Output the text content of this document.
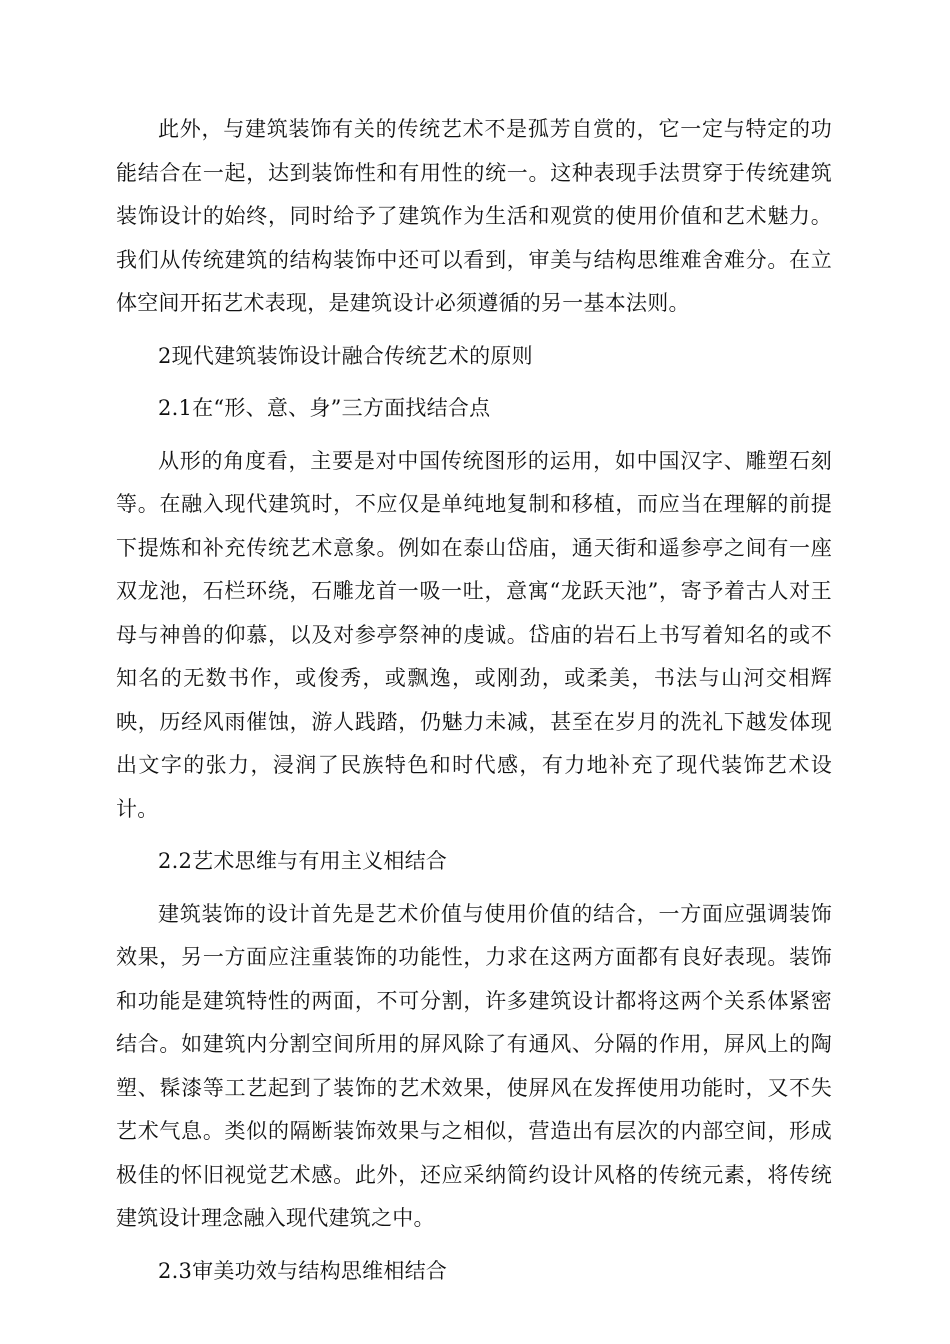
此外，与建筑装饰有关的传统艺术不是孤芳自赏的，它一定与特定的功能结合在一起，达到装饰性和有用性的统一。这种表现手法贯穿于传统建筑装饰设计的始终，同时给予了建筑作为生活和观赏的使用价值和艺术魅力。我们从传统建筑的结构装饰中还可以看到，审美与结构思维难舍难分。在立体空间开拓艺术表现，是建筑设计必须遵循的另一基本法则。

2现代建筑装饰设计融合传统艺术的原则

2.1在“形、意、身”三方面找结合点

从形的角度看，主要是对中国传统图形的运用，如中国汉字、雕塑石刻等。在融入现代建筑时，不应仅是单纯地复制和移植，而应当在理解的前提下提炼和补充传统艺术意象。例如在泰山岱庙，通天街和遥参亭之间有一座双龙池，石栏环绕，石雕龙首一吸一吐，意寓“龙跃天池”，寄予着古人对王母与神兽的仰慕，以及对参亭祭神的虔诚。岱庙的岩石上书写着知名的或不知名的无数书作，或俊秀，或飘逸，或刚劲，或柔美，书法与山河交相辉映，历经风雨催蚀，游人践踏，仍魅力未减，甚至在岁月的洗礼下越发体现出文字的张力，浸润了民族特色和时代感，有力地补充了现代装饰艺术设计。

2.2艺术思维与有用主义相结合

建筑装饰的设计首先是艺术价值与使用价值的结合，一方面应强调装饰效果，另一方面应注重装饰的功能性，力求在这两方面都有良好表现。装饰和功能是建筑特性的两面，不可分割，许多建筑设计都将这两个关系体紧密结合。如建筑内分割空间所用的屏风除了有通风、分隔的作用，屏风上的陶塑、髹漆等工艺起到了装饰的艺术效果，使屏风在发挥使用功能时，又不失艺术气息。类似的隔断装饰效果与之相似，营造出有层次的内部空间，形成极佳的怀旧视觉艺术感。此外，还应采纳简约设计风格的传统元素，将传统建筑设计理念融入现代建筑之中。

2.3审美功效与结构思维相结合
